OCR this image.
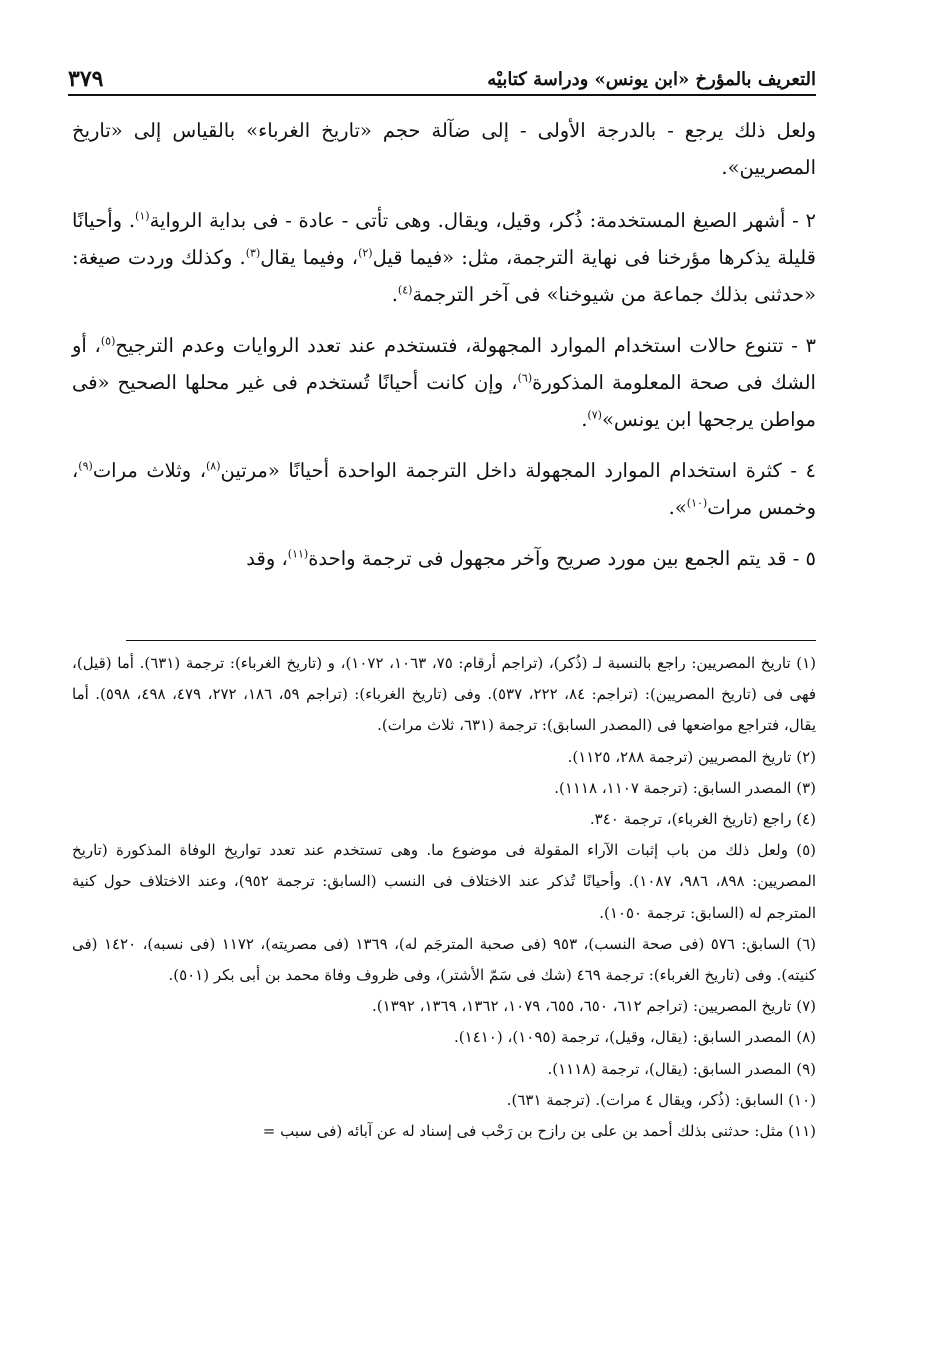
التعريف بالمؤرخ «ابن يونس» ودراسة كتابيْه
٣٧٩

ولعل ذلك يرجع - بالدرجة الأولى - إلى ضآلة حجم «تاريخ الغرباء» بالقياس إلى «تاريخ المصريين».

٢ - أشهر الصيغ المستخدمة: ذُكر، وقيل، ويقال. وهى تأتى - عادة - فى بداية الرواية$^{(١)}$. وأحيانًا قليلة يذكرها مؤرخنا فى نهاية الترجمة، مثل: «فيما قيل$^{(٢)}$، وفيما يقال$^{(٣)}$. وكذلك وردت صيغة: «حدثنى بذلك جماعة من شيوخنا» فى آخر الترجمة$^{(٤)}$.

٣ - تتنوع حالات استخدام الموارد المجهولة، فتستخدم عند تعدد الروايات وعدم الترجيح$^{(٥)}$، أو الشك فى صحة المعلومة المذكورة$^{(٦)}$، وإن كانت أحيانًا تُستخدم فى غير محلها الصحيح «فى مواطن يرجحها ابن يونس»$^{(٧)}$.

٤ - كثرة استخدام الموارد المجهولة داخل الترجمة الواحدة أحيانًا «مرتين$^{(٨)}$، وثلاث مرات$^{(٩)}$، وخمس مرات$^{(١٠)}$».

٥ - قد يتم الجمع بين مورد صريح وآخر مجهول فى ترجمة واحدة$^{(١١)}$، وقد

(١) تاريخ المصريين: راجع بالنسبة لـ (ذُكر)، (تراجم أرقام: ٧٥، ١٠٦٣، ١٠٧٢)، و (تاريخ الغرباء): ترجمة (٦٣١). أما (قيل)، فهى فى (تاريخ المصريين): (تراجم: ٨٤، ٢٢٢، ٥٣٧). وفى (تاريخ الغرباء): (تراجم ٥٩، ١٨٦، ٢٧٢، ٤٧٩، ٤٩٨، ٥٩٨). أما يقال، فتراجع مواضعها فى (المصدر السابق): ترجمة (٦٣١، ثلاث مرات).

(٢) تاريخ المصريين (ترجمة ٢٨٨، ١١٢٥).

(٣) المصدر السابق: (ترجمة ١١٠٧، ١١١٨).

(٤) راجع (تاريخ الغرباء)، ترجمة ٣٤٠.

(٥) ولعل ذلك من باب إثبات الآراء المقولة فى موضوع ما. وهى تستخدم عند تعدد تواريخ الوفاة المذكورة (تاريخ المصريين: ٨٩٨، ٩٨٦، ١٠٨٧). وأحيانًا تُذكر عند الاختلاف فى النسب (السابق: ترجمة ٩٥٢)، وعند الاختلاف حول كنية المترجم له (السابق: ترجمة ١٠٥٠).

(٦) السابق: ٥٧٦ (فى صحة النسب)، ٩٥٣ (فى صحبة المترجَم له)، ١٣٦٩ (فى مصريته)، ١١٧٢ (فى نسبه)، ١٤٢٠ (فى كنيته). وفى (تاريخ الغرباء): ترجمة ٤٦٩ (شك فى سَمّ الأشتر)، وفى ظروف وفاة محمد بن أبى بكر (٥٠١).

(٧) تاريخ المصريين: (تراجم ٦١٢، ٦٥٠، ٦٥٥، ١٠٧٩، ١٣٦٢، ١٣٦٩، ١٣٩٢).

(٨) المصدر السابق: (يقال، وقيل)، ترجمة (١٠٩٥)، (١٤١٠).

(٩) المصدر السابق: (يقال)، ترجمة (١١١٨).

(١٠) السابق: (ذُكر، ويقال ٤ مرات). (ترجمة ٦٣١).

(١١) مثل: حدثنى بذلك أحمد بن على بن رازح بن رَحْب فى إسناد له عن آبائه (فى سبب =
